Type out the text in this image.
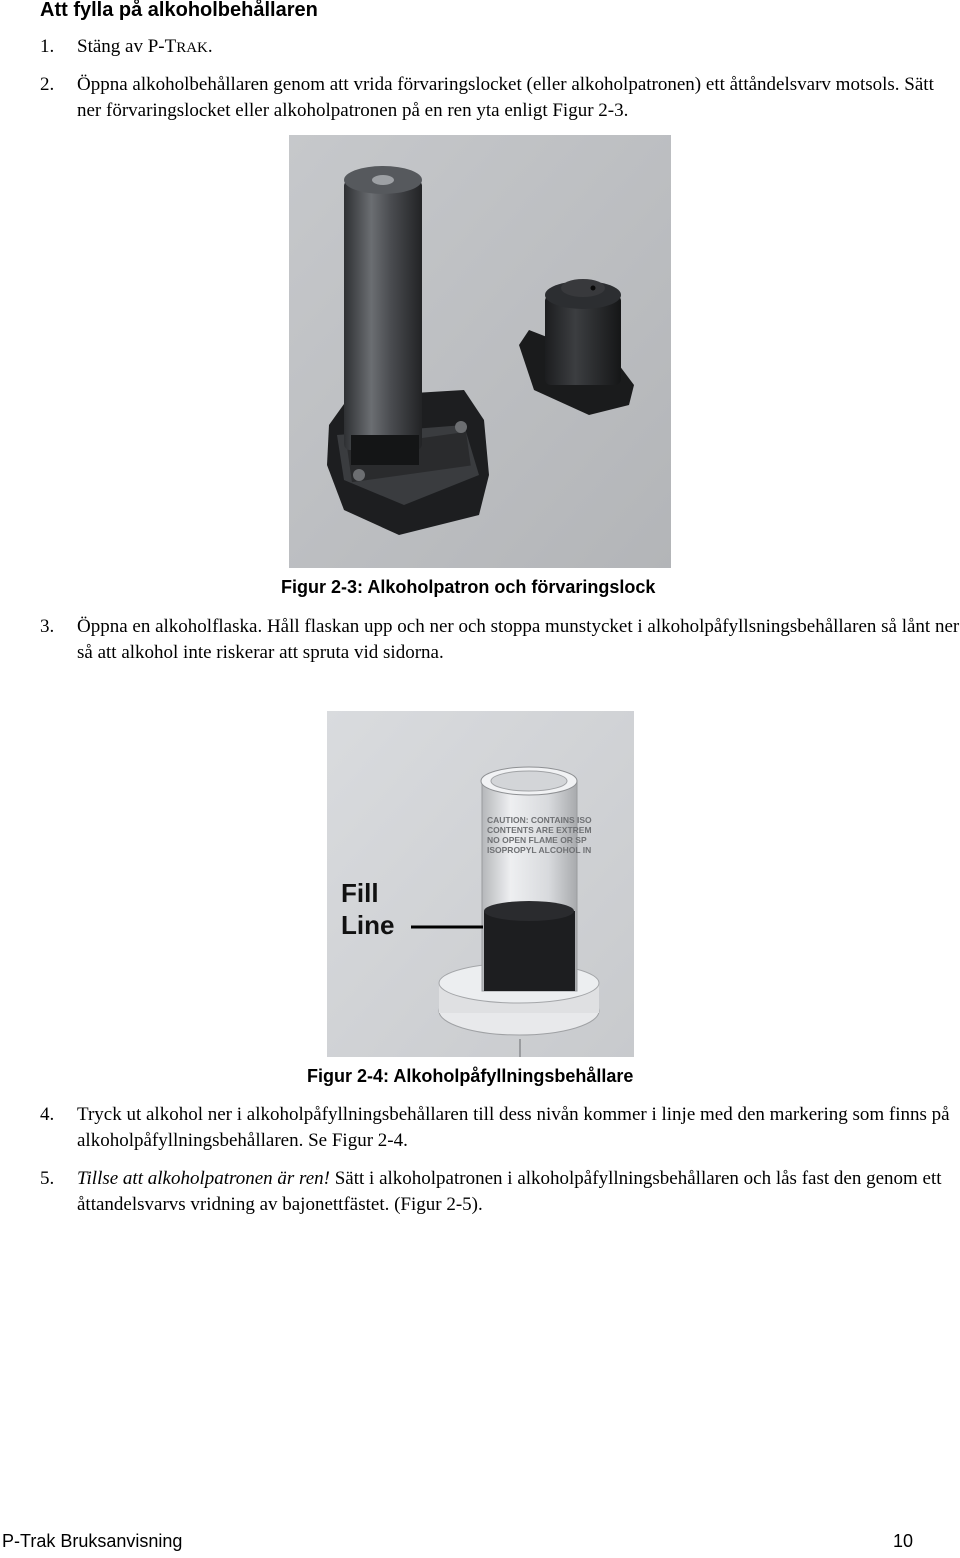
Att fylla på alkoholbehållaren
1. Stäng av P-TRAK.
2. Öppna alkoholbehållaren genom att vrida förvaringslocket (eller alkoholpatronen) ett åttåndelsvarv motsols. Sätt ner förvaringslocket eller alkoholpatronen på en ren yta enligt Figur 2-3.
Figur 2-3: Alkoholpatron och förvaringslock
3. Öppna en alkoholflaska. Håll flaskan upp och ner och stoppa munstycket i alkoholpåfyllsningsbehållaren så lånt ner så att alkohol inte riskerar att spruta vid sidorna.
CAUTION: CONTAINS ISO
CONTENTS ARE EXTREM
NO OPEN FLAME OR SP
ISOPROPYL ALCOHOL IN
Fill
Line
Figur 2-4: Alkoholpåfyllningsbehållare
4. Tryck ut alkohol ner i alkoholpåfyllningsbehållaren till dess nivån kommer i linje med den markering som finns på alkoholpåfyllningsbehållaren. Se Figur 2-4.
5. Tillse att alkoholpatronen är ren! Sätt i alkoholpatronen i alkoholpåfyllningsbehållaren och lås fast den genom ett åttandelsvarvs vridning av bajonettfästet. (Figur 2-5).
P-Trak Bruksanvisning	10
